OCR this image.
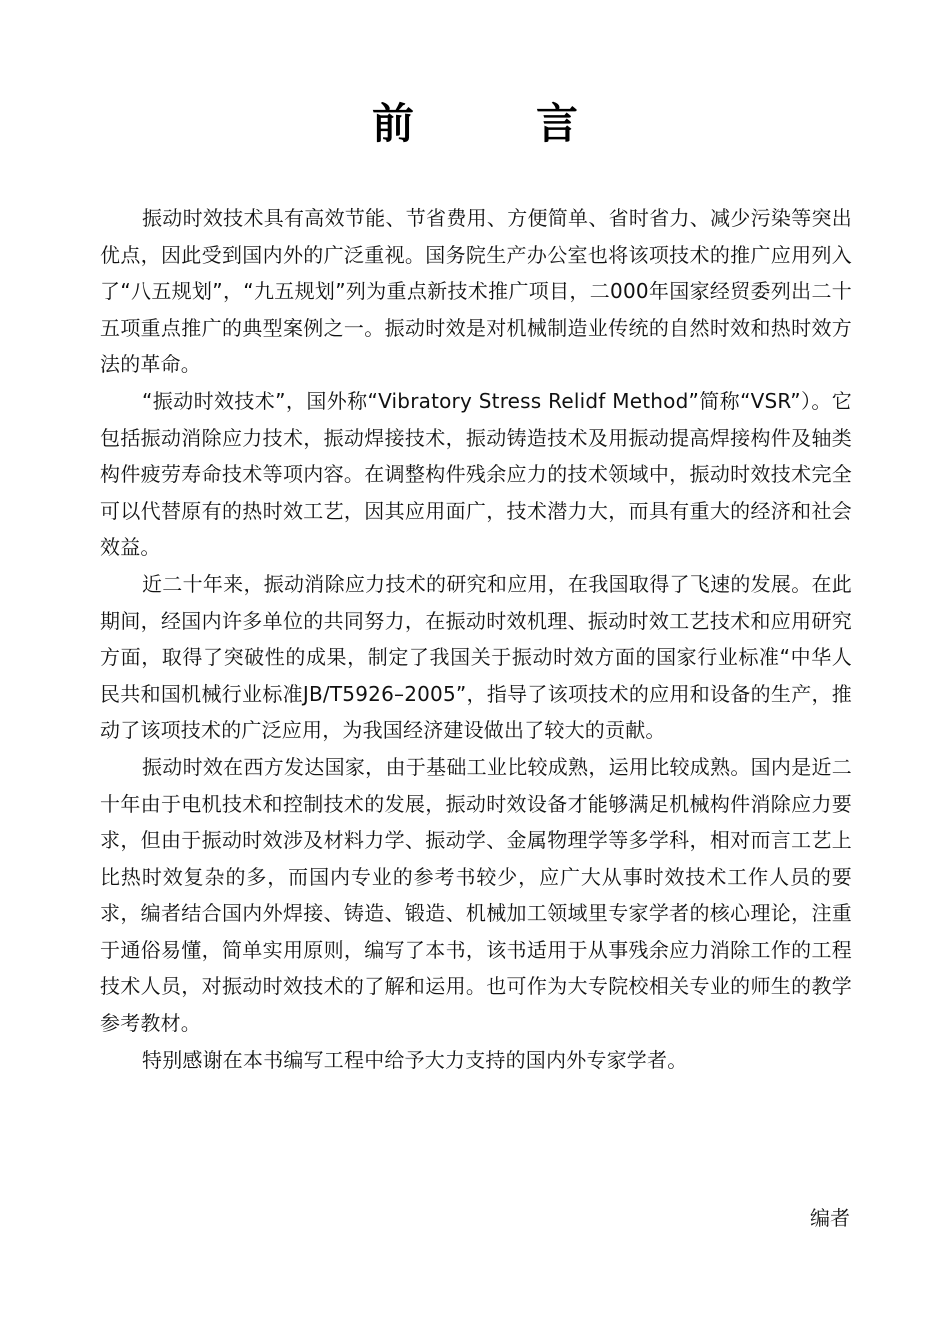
前　言

振动时效技术具有高效节能、节省费用、方便简单、省时省力、减少污染等突出优点，因此受到国内外的广泛重视。国务院生产办公室也将该项技术的推广应用列入了“八五规划”，“九五规划”列为重点新技术推广项目，二000年国家经贸委列出二十五项重点推广的典型案例之一。振动时效是对机械制造业传统的自然时效和热时效方法的革命。

“振动时效技术”，国外称“Vibratory Stress Relidf Method”简称“VSR”）。它包括振动消除应力技术，振动焊接技术，振动铸造技术及用振动提高焊接构件及轴类构件疲劳寿命技术等项内容。在调整构件残余应力的技术领域中，振动时效技术完全可以代替原有的热时效工艺，因其应用面广，技术潜力大，而具有重大的经济和社会效益。

近二十年来，振动消除应力技术的研究和应用，在我国取得了飞速的发展。在此期间，经国内许多单位的共同努力，在振动时效机理、振动时效工艺技术和应用研究方面，取得了突破性的成果，制定了我国关于振动时效方面的国家行业标准“中华人民共和国机械行业标准JB/T5926–2005”，指导了该项技术的应用和设备的生产，推动了该项技术的广泛应用，为我国经济建设做出了较大的贡献。

振动时效在西方发达国家，由于基础工业比较成熟，运用比较成熟。国内是近二十年由于电机技术和控制技术的发展，振动时效设备才能够满足机械构件消除应力要求，但由于振动时效涉及材料力学、振动学、金属物理学等多学科，相对而言工艺上比热时效复杂的多，而国内专业的参考书较少，应广大从事时效技术工作人员的要求，编者结合国内外焊接、铸造、锻造、机械加工领域里专家学者的核心理论，注重于通俗易懂，简单实用原则，编写了本书，该书适用于从事残余应力消除工作的工程技术人员，对振动时效技术的了解和运用。也可作为大专院校相关专业的师生的教学参考教材。

特别感谢在本书编写工程中给予大力支持的国内外专家学者。

编者
